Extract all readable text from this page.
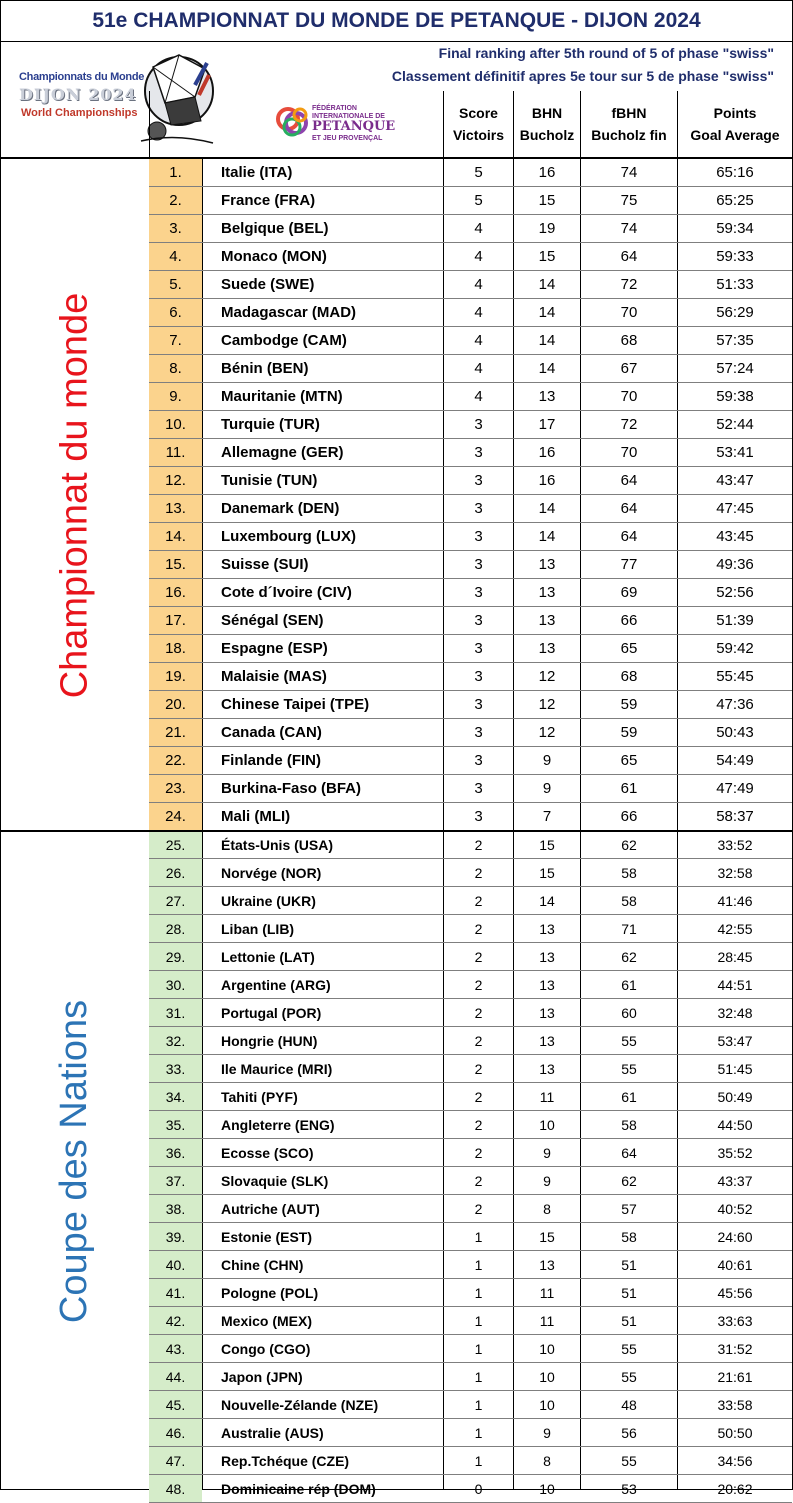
51e CHAMPIONNAT DU MONDE DE PETANQUE - DIJON 2024
Final ranking after 5th round of 5 of phase "swiss"
Classement définitif apres 5e tour sur 5 de phase "swiss"
Championnats du Monde
DIJON 2024
World Championships	FÉDÉRATION INTERNATIONALE DE
PETANQUE
ET JEU PROVENÇAL
Score
Victoirs
BHN
Bucholz
fBHN
Bucholz fin
Points
Goal Average
Championnat du monde
Coupe des Nations
1.	Italie (ITA)	5	16	74	65:16
2.	France (FRA)	5	15	75	65:25
3.	Belgique (BEL)	4	19	74	59:34
4.	Monaco (MON)	4	15	64	59:33
5.	Suede (SWE)	4	14	72	51:33
6.	Madagascar (MAD)	4	14	70	56:29
7.	Cambodge (CAM)	4	14	68	57:35
8.	Bénin (BEN)	4	14	67	57:24
9.	Mauritanie (MTN)	4	13	70	59:38
10.	Turquie (TUR)	3	17	72	52:44
11.	Allemagne (GER)	3	16	70	53:41
12.	Tunisie (TUN)	3	16	64	43:47
13.	Danemark (DEN)	3	14	64	47:45
14.	Luxembourg (LUX)	3	14	64	43:45
15.	Suisse (SUI)	3	13	77	49:36
16.	Cote d´Ivoire (CIV)	3	13	69	52:56
17.	Sénégal (SEN)	3	13	66	51:39
18.	Espagne (ESP)	3	13	65	59:42
19.	Malaisie (MAS)	3	12	68	55:45
20.	Chinese Taipei (TPE)	3	12	59	47:36
21.	Canada (CAN)	3	12	59	50:43
22.	Finlande (FIN)	3	9	65	54:49
23.	Burkina-Faso (BFA)	3	9	61	47:49
24.	Mali (MLI)	3	7	66	58:37
25.	États-Unis (USA)	2	15	62	33:52
26.	Norvége (NOR)	2	15	58	32:58
27.	Ukraine (UKR)	2	14	58	41:46
28.	Liban (LIB)	2	13	71	42:55
29.	Lettonie (LAT)	2	13	62	28:45
30.	Argentine (ARG)	2	13	61	44:51
31.	Portugal (POR)	2	13	60	32:48
32.	Hongrie (HUN)	2	13	55	53:47
33.	Ile Maurice (MRI)	2	13	55	51:45
34.	Tahiti (PYF)	2	11	61	50:49
35.	Angleterre (ENG)	2	10	58	44:50
36.	Ecosse (SCO)	2	9	64	35:52
37.	Slovaquie (SLK)	2	9	62	43:37
38.	Autriche (AUT)	2	8	57	40:52
39.	Estonie (EST)	1	15	58	24:60
40.	Chine (CHN)	1	13	51	40:61
41.	Pologne (POL)	1	11	51	45:56
42.	Mexico (MEX)	1	11	51	33:63
43.	Congo (CGO)	1	10	55	31:52
44.	Japon (JPN)	1	10	55	21:61
45.	Nouvelle-Zélande (NZE)	1	10	48	33:58
46.	Australie (AUS)	1	9	56	50:50
47.	Rep.Tchéque (CZE)	1	8	55	34:56
48.	Dominicaine rép (DOM)	0	10	53	20:62
